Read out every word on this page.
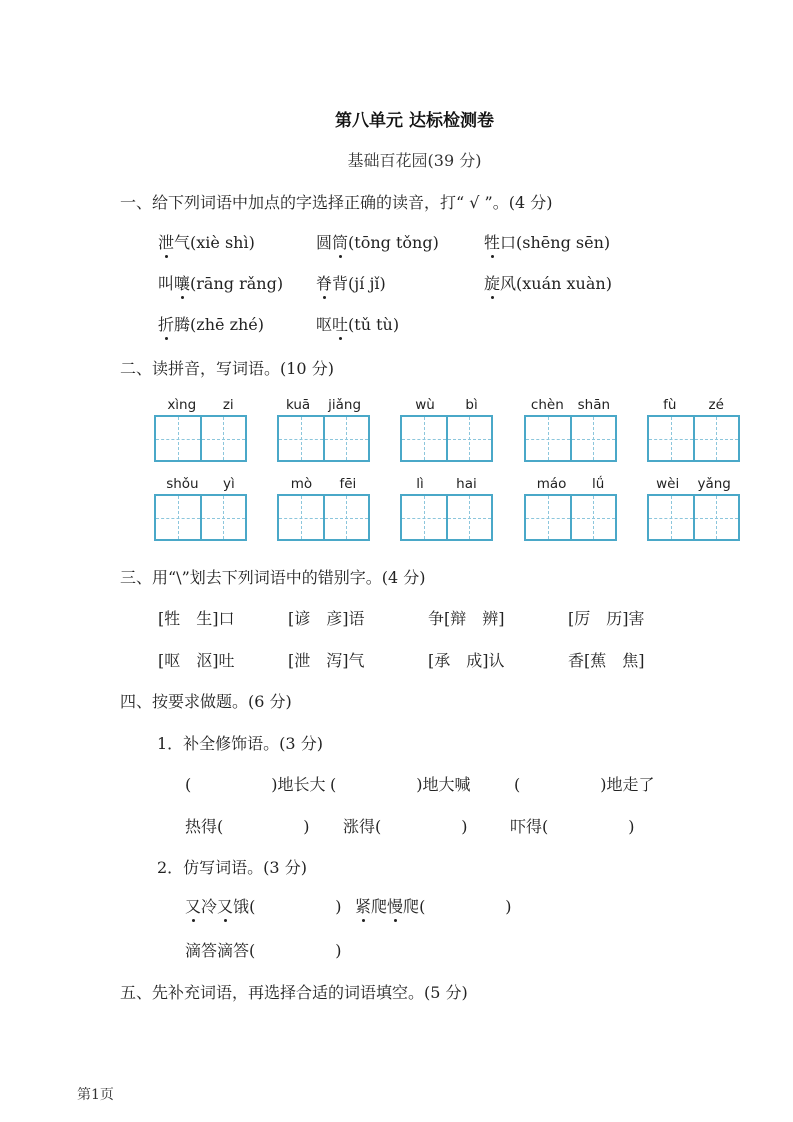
第八单元 达标检测卷
基础百花园(39 分)
一、给下列词语中加点的字选择正确的读音，打“ √ ”。(4 分)
泄气(xiè shì)	圆筒(tōng tǒng)	牲口(shēng sēn)
叫嚷(rāng rǎng) 脊背(jí jǐ)	旋风(xuán xuàn)
折腾(zhē zhé)	呕吐(tǔ tù)
二、读拼音，写词语。(10 分)
xìng zi	kuā jiǎng	wù bì	chèn shān	fù zé
shǒu yì	mò fēi	lì hai	máo lǘ	wèi yǎng
三、用“\”划去下列词语中的错别字。(4 分)
[牲　生]口	[谚　彦]语	争[辩　辨]	[厉　历]害
[呕　沤]吐	[泄　泻]气	[承　成]认	香[蕉　焦]
四、按要求做题。(6 分)
1．补全修饰语。(3 分)
(　　　　　)地长大 (　　　　　)地大喊	(　　　　　)地走了
热得(　　　　　) 涨得(　　　　　)	吓得(　　　　　)
2．仿写词语。(3 分)
又冷又饿(　　　　　) 紧爬慢爬(　　　　　)
滴答滴答(　　　　　)
五、先补充词语，再选择合适的词语填空。(5 分)
第1页
